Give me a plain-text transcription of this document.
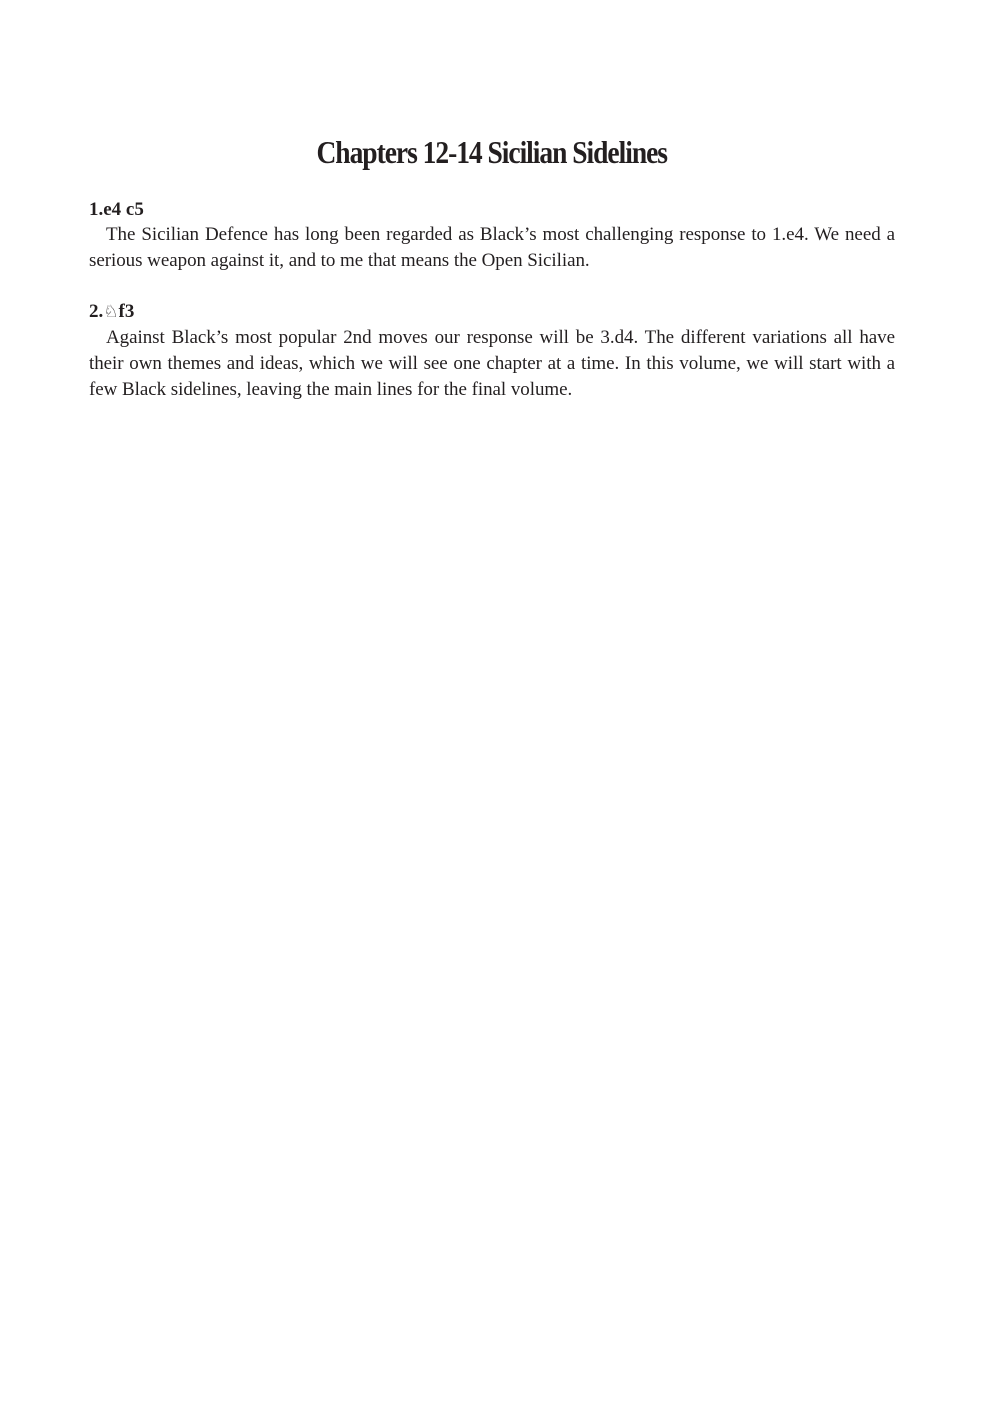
Chapters 12-14 Sicilian Sidelines

1.e4 c5

The Sicilian Defence has long been regarded as Black’s most challenging response to 1.e4. We need a serious weapon against it, and to me that means the Open Sicilian.

2.♘f3

Against Black’s most popular 2nd moves our response will be 3.d4. The different variations all have their own themes and ideas, which we will see one chapter at a time. In this volume, we will start with a few Black sidelines, leaving the main lines for the final volume.
